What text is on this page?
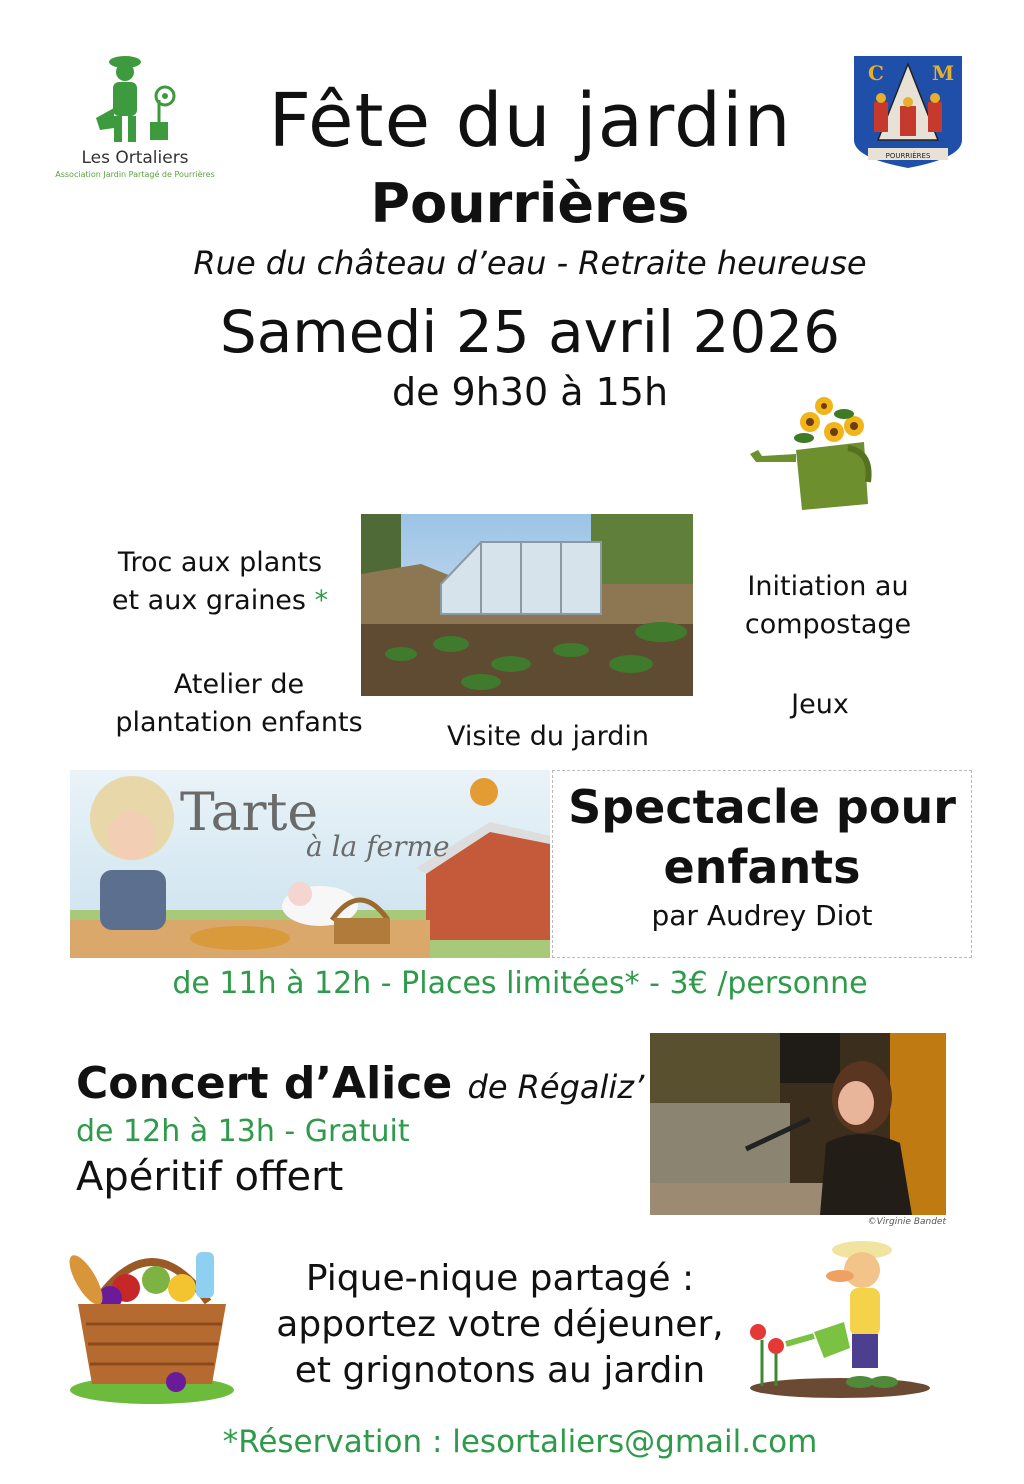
Les Ortaliers
Association Jardin Partagé de Pourrières
C M
POURRIÈRES
Fête du jardin
Pourrières
Rue du château d’eau - Retraite heureuse
Samedi 25 avril 2026
de 9h30 à 15h
Troc aux plants
et aux graines *
Atelier de
plantation enfants	Visite du jardin
Initiation au
compostage
Jeux
Tarte
à la ferme
Spectacle pour
enfants
par Audrey Diot
de 11h à 12h - Places limitées* - 3€ /personne
Concert d’Alice de Régaliz’
de 12h à 13h - Gratuit
Apéritif offert
©Virginie Bandet
Pique-nique partagé :
apportez votre déjeuner,
et grignotons au jardin
*Réservation : lesortaliers@gmail.com
